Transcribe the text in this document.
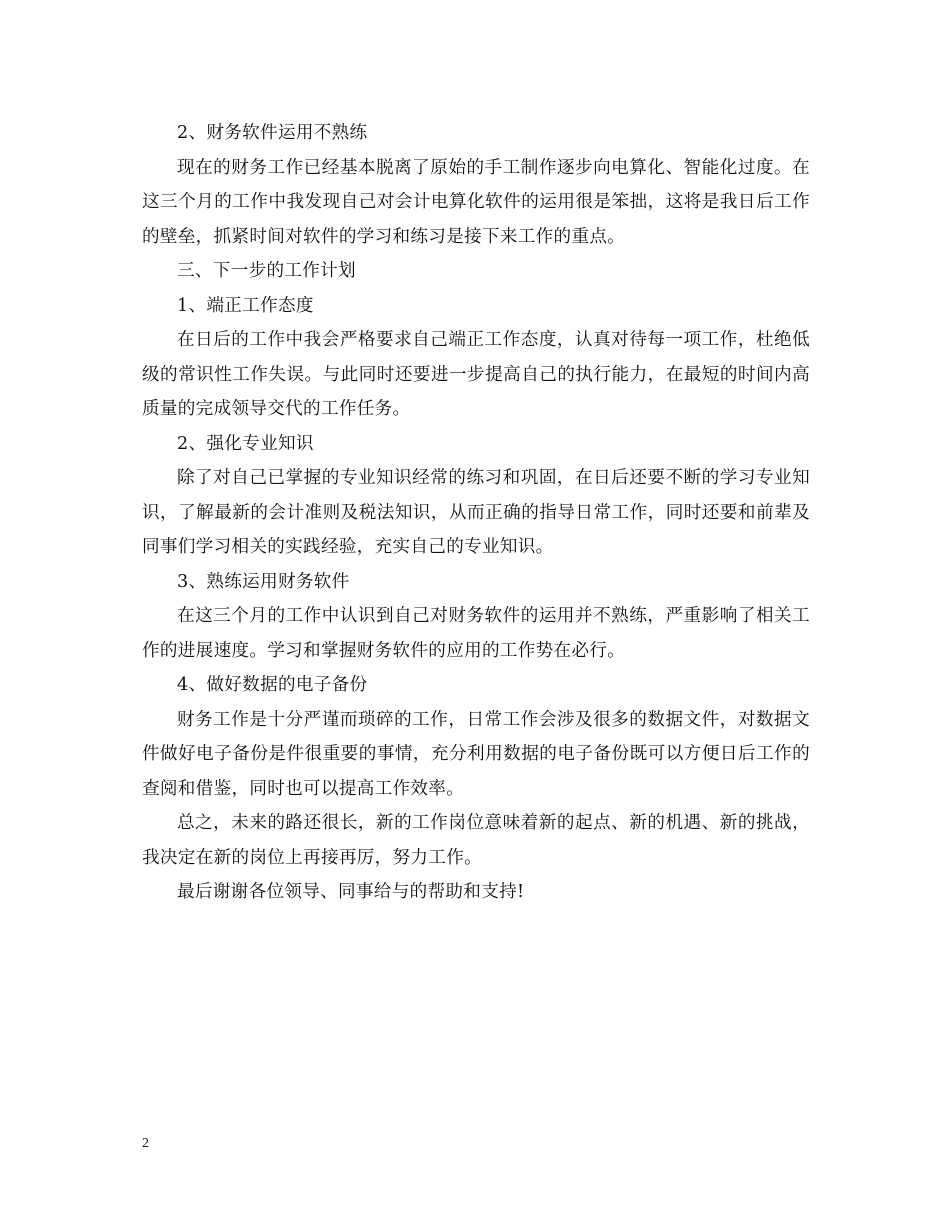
2、财务软件运用不熟练

现在的财务工作已经基本脱离了原始的手工制作逐步向电算化、智能化过度。在这三个月的工作中我发现自己对会计电算化软件的运用很是笨拙，这将是我日后工作的壁垒，抓紧时间对软件的学习和练习是接下来工作的重点。

三、下一步的工作计划

1、端正工作态度

在日后的工作中我会严格要求自己端正工作态度，认真对待每一项工作，杜绝低级的常识性工作失误。与此同时还要进一步提高自己的执行能力，在最短的时间内高质量的完成领导交代的工作任务。

2、强化专业知识

除了对自己已掌握的专业知识经常的练习和巩固，在日后还要不断的学习专业知识，了解最新的会计准则及税法知识，从而正确的指导日常工作，同时还要和前辈及同事们学习相关的实践经验，充实自己的专业知识。

3、熟练运用财务软件

在这三个月的工作中认识到自己对财务软件的运用并不熟练，严重影响了相关工作的进展速度。学习和掌握财务软件的应用的工作势在必行。

4、做好数据的电子备份

财务工作是十分严谨而琐碎的工作，日常工作会涉及很多的数据文件，对数据文件做好电子备份是件很重要的事情，充分利用数据的电子备份既可以方便日后工作的查阅和借鉴，同时也可以提高工作效率。

总之，未来的路还很长，新的工作岗位意味着新的起点、新的机遇、新的挑战，我决定在新的岗位上再接再厉，努力工作。

最后谢谢各位领导、同事给与的帮助和支持!

2
